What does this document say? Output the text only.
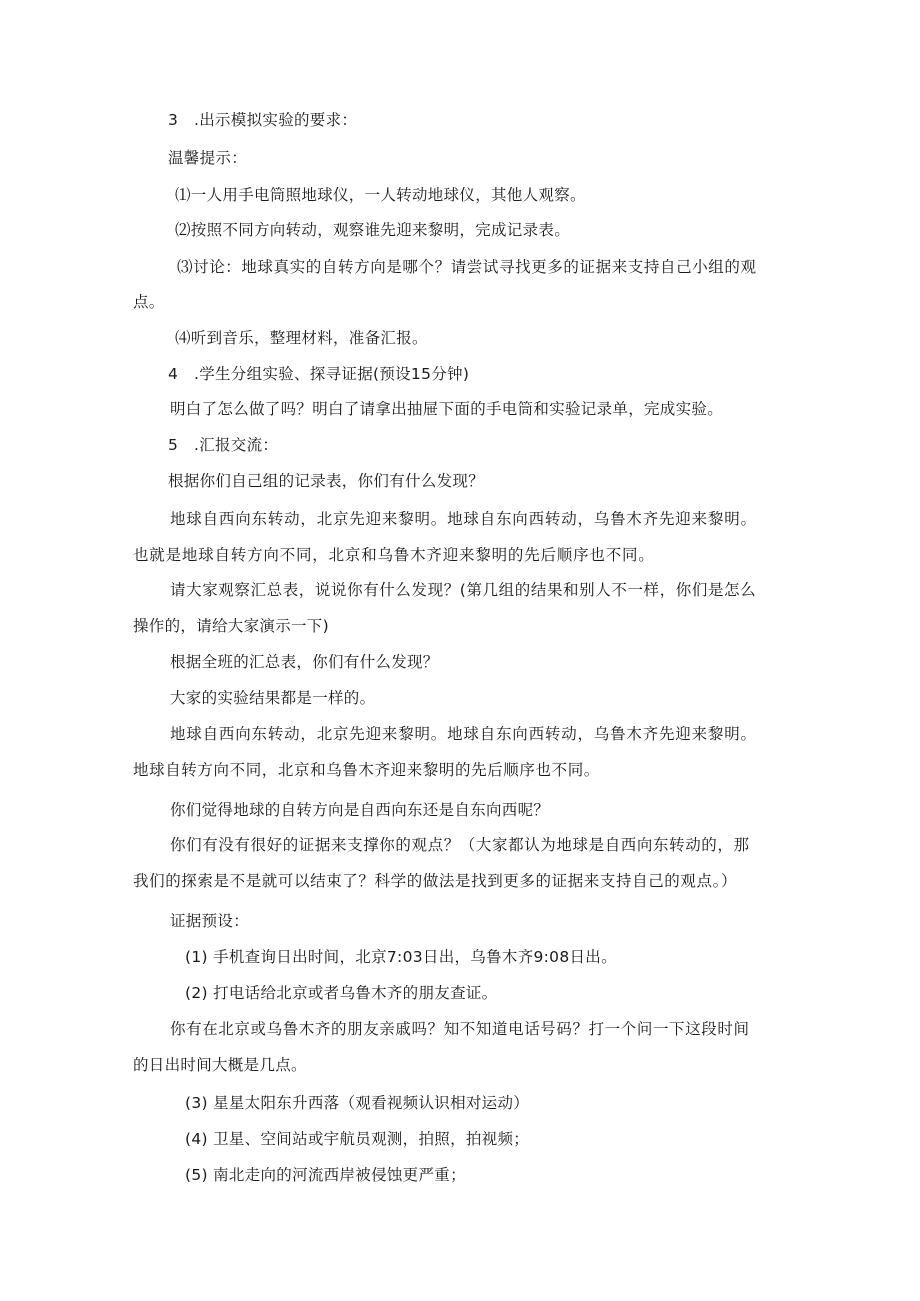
3　.出示模拟实验的要求：
温馨提示：
⑴一人用手电筒照地球仪，一人转动地球仪，其他人观察。
⑵按照不同方向转动，观察谁先迎来黎明，完成记录表。
⑶讨论：地球真实的自转方向是哪个？请尝试寻找更多的证据来支持自己小组的观
点。
⑷听到音乐，整理材料，准备汇报。
4　.学生分组实验、探寻证据(预设15分钟)
明白了怎么做了吗？明白了请拿出抽屉下面的手电筒和实验记录单，完成实验。
5　.汇报交流：
根据你们自己组的记录表，你们有什么发现？
地球自西向东转动，北京先迎来黎明。地球自东向西转动，乌鲁木齐先迎来黎明。
也就是地球自转方向不同，北京和乌鲁木齐迎来黎明的先后顺序也不同。
请大家观察汇总表，说说你有什么发现？(第几组的结果和别人不一样，你们是怎么
操作的，请给大家演示一下)
根据全班的汇总表，你们有什么发现？
大家的实验结果都是一样的。
地球自西向东转动，北京先迎来黎明。地球自东向西转动，乌鲁木齐先迎来黎明。
地球自转方向不同，北京和乌鲁木齐迎来黎明的先后顺序也不同。
你们觉得地球的自转方向是自西向东还是自东向西呢？
你们有没有很好的证据来支撑你的观点？（大家都认为地球是自西向东转动的，那
我们的探索是不是就可以结束了？科学的做法是找到更多的证据来支持自己的观点。）
证据预设：
(1) 手机查询日出时间，北京7:03日出，乌鲁木齐9:08日出。
(2) 打电话给北京或者乌鲁木齐的朋友查证。
你有在北京或乌鲁木齐的朋友亲戚吗？知不知道电话号码？打一个问一下这段时间
的日出时间大概是几点。
(3) 星星太阳东升西落（观看视频认识相对运动）
(4) 卫星、空间站或宇航员观测，拍照，拍视频；
(5) 南北走向的河流西岸被侵蚀更严重；
